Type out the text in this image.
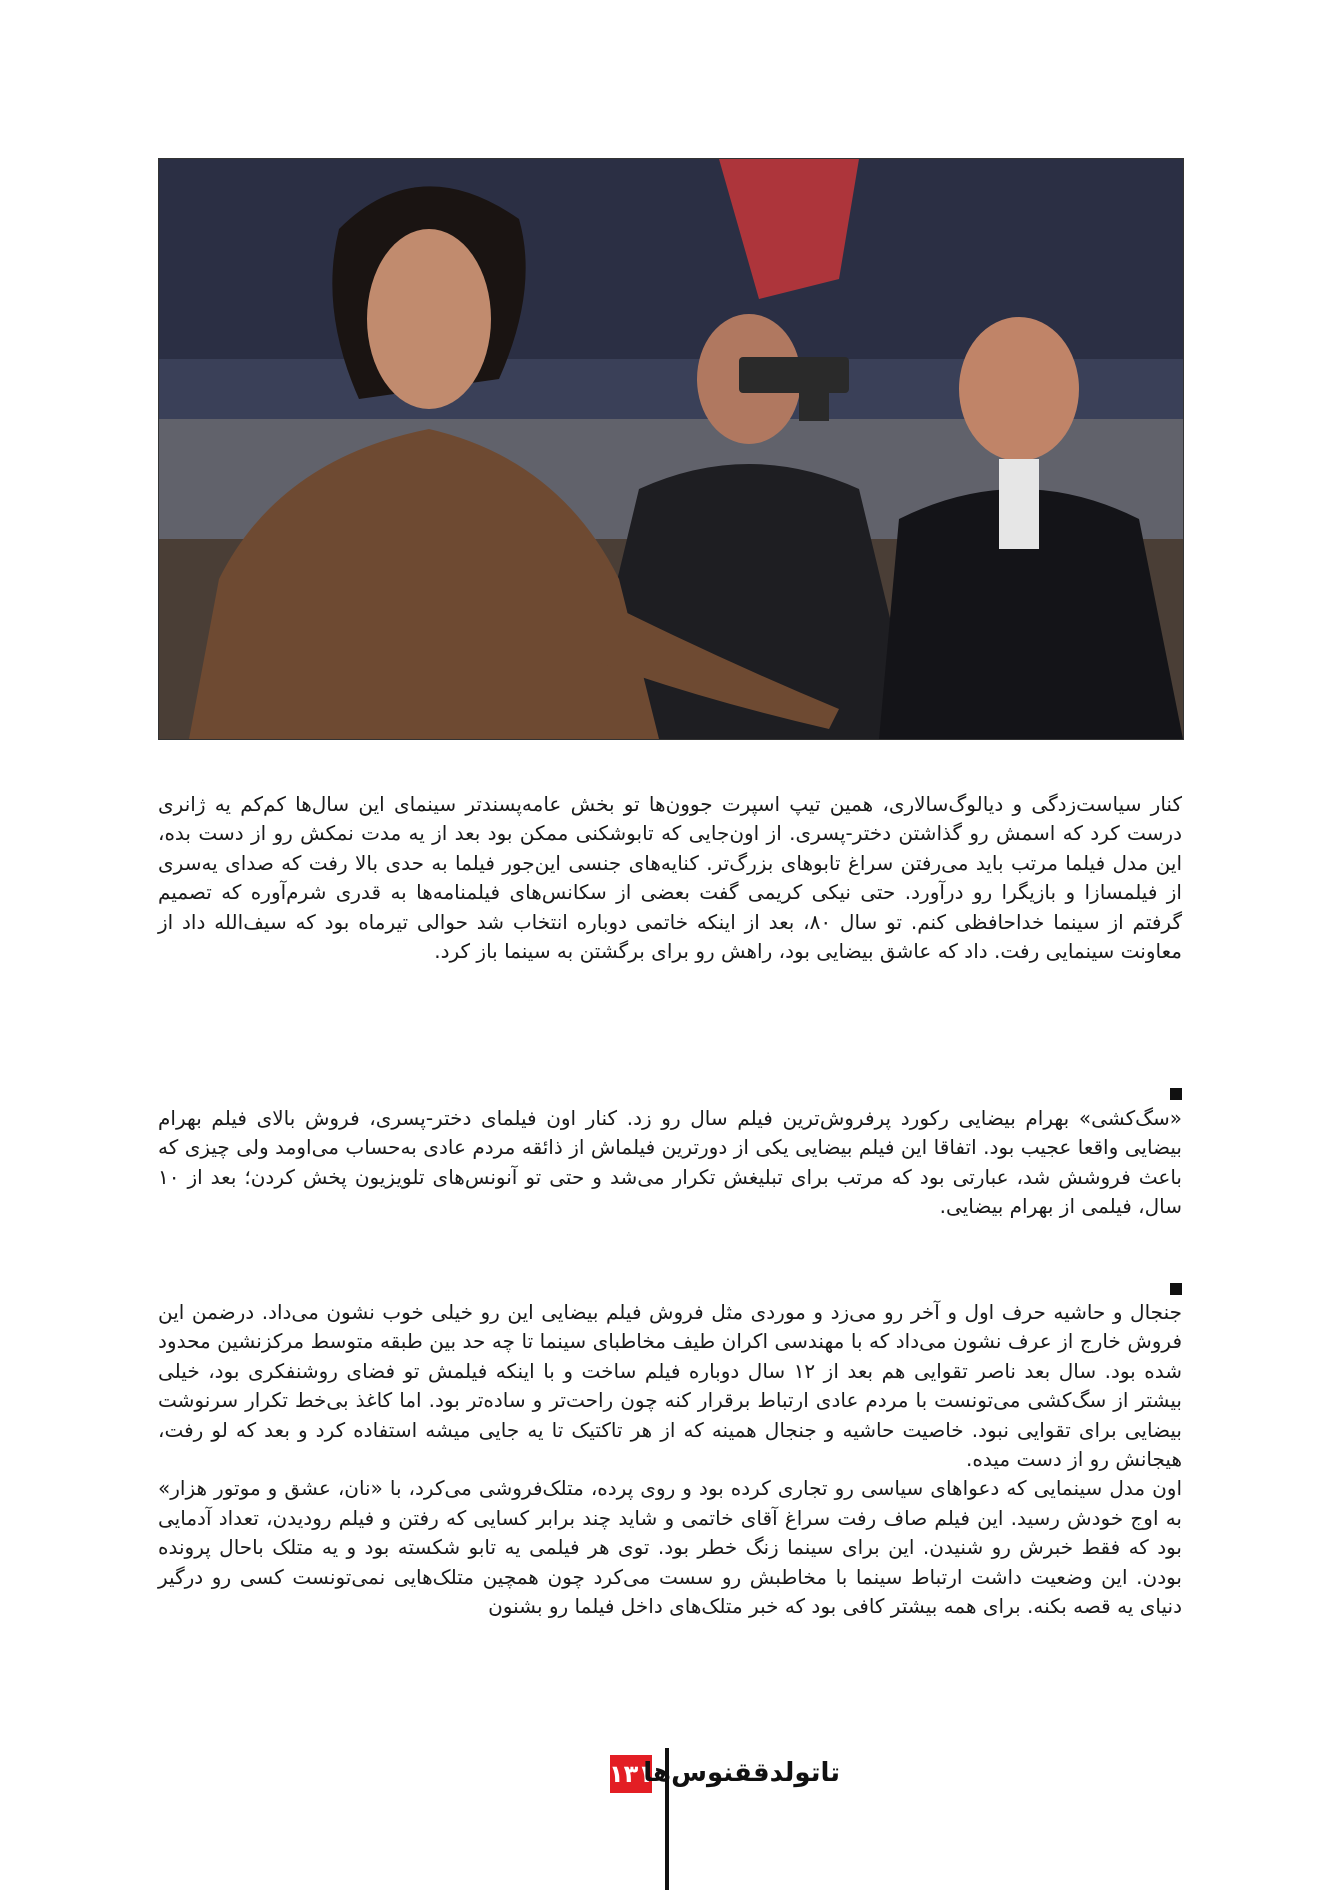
کنار سیاست‌زدگی و دیالوگ‌سالاری، همین تیپ اسپرت جوون‌ها تو بخش عامه‌پسندتر سینمای این سال‌ها کم‌کم یه ژانری درست کرد که اسمش رو گذاشتن دختر-پسری. از اون‌جایی که تابوشکنی ممکن بود بعد از یه مدت نمکش رو از دست بده، این مدل فیلما مرتب باید می‌رفتن سراغ تابوهای بزرگ‌تر. کنایه‌های جنسی این‌جور فیلما به حدی بالا رفت که صدای یه‌سری از فیلمسازا و بازیگرا رو درآورد. حتی نیکی کریمی گفت بعضی از سکانس‌های فیلمنامه‌ها به قدری شرم‌آوره که تصمیم گرفتم از سینما خداحافظی کنم. تو سال ۸۰، بعد از اینکه خاتمی دوباره انتخاب شد حوالی تیرماه بود که سیف‌الله داد از معاونت سینمایی رفت. داد که عاشق بیضایی بود، راهش رو برای برگشتن به سینما باز کرد.

«سگ‌کشی» بهرام بیضایی رکورد پرفروش‌ترین فیلم سال رو زد. کنار اون فیلمای دختر-پسری، فروش بالای فیلم بهرام بیضایی واقعا عجیب بود. اتفاقا این فیلم بیضایی یکی از دورترین فیلماش از ذائقه مردم عادی به‌حساب می‌اومد ولی چیزی که باعث فروشش شد، عبارتی بود که مرتب برای تبلیغش تکرار می‌شد و حتی تو آنونس‌های تلویزیون پخش کردن؛ بعد از ۱۰ سال، فیلمی از بهرام بیضایی.

جنجال و حاشیه حرف اول و آخر رو می‌زد و موردی مثل فروش فیلم بیضایی این رو خیلی خوب نشون می‌داد. درضمن این فروش خارج از عرف نشون می‌داد که با مهندسی اکران طیف مخاطبای سینما تا چه حد بین طبقه متوسط مرکزنشین محدود شده بود. سال بعد ناصر تقوایی هم بعد از ۱۲ سال دوباره فیلم ساخت و با اینکه فیلمش تو فضای روشنفکری بود، خیلی بیشتر از سگ‌کشی می‌تونست با مردم عادی ارتباط برقرار کنه چون راحت‌تر و ساده‌تر بود. اما کاغذ بی‌خط تکرار سرنوشت بیضایی برای تقوایی نبود. خاصیت حاشیه و جنجال همینه که از هر تاکتیک تا یه جایی میشه استفاده کرد و بعد که لو رفت، هیجانش رو از دست میده.

اون مدل سینمایی که دعواهای سیاسی رو تجاری کرده بود و روی پرده، متلک‌فروشی می‌کرد، با «نان، عشق و موتور هزار» به اوج خودش رسید. این فیلم صاف رفت سراغ آقای خاتمی و شاید چند برابر کسایی که رفتن و فیلم رودیدن، تعداد آدمایی بود که فقط خبرش رو شنیدن. این برای سینما زنگ خطر بود. توی هر فیلمی یه تابو شکسته بود و یه متلک باحال پرونده بودن. این وضعیت داشت ارتباط سینما با مخاطبش رو سست می‌کرد چون همچین متلک‌هایی نمی‌تونست کسی رو درگیر دنیای یه قصه بکنه. برای همه بیشتر کافی بود که خبر متلک‌های داخل فیلما رو بشنون

۱۳۱
تاتولدققنوس‌ها
